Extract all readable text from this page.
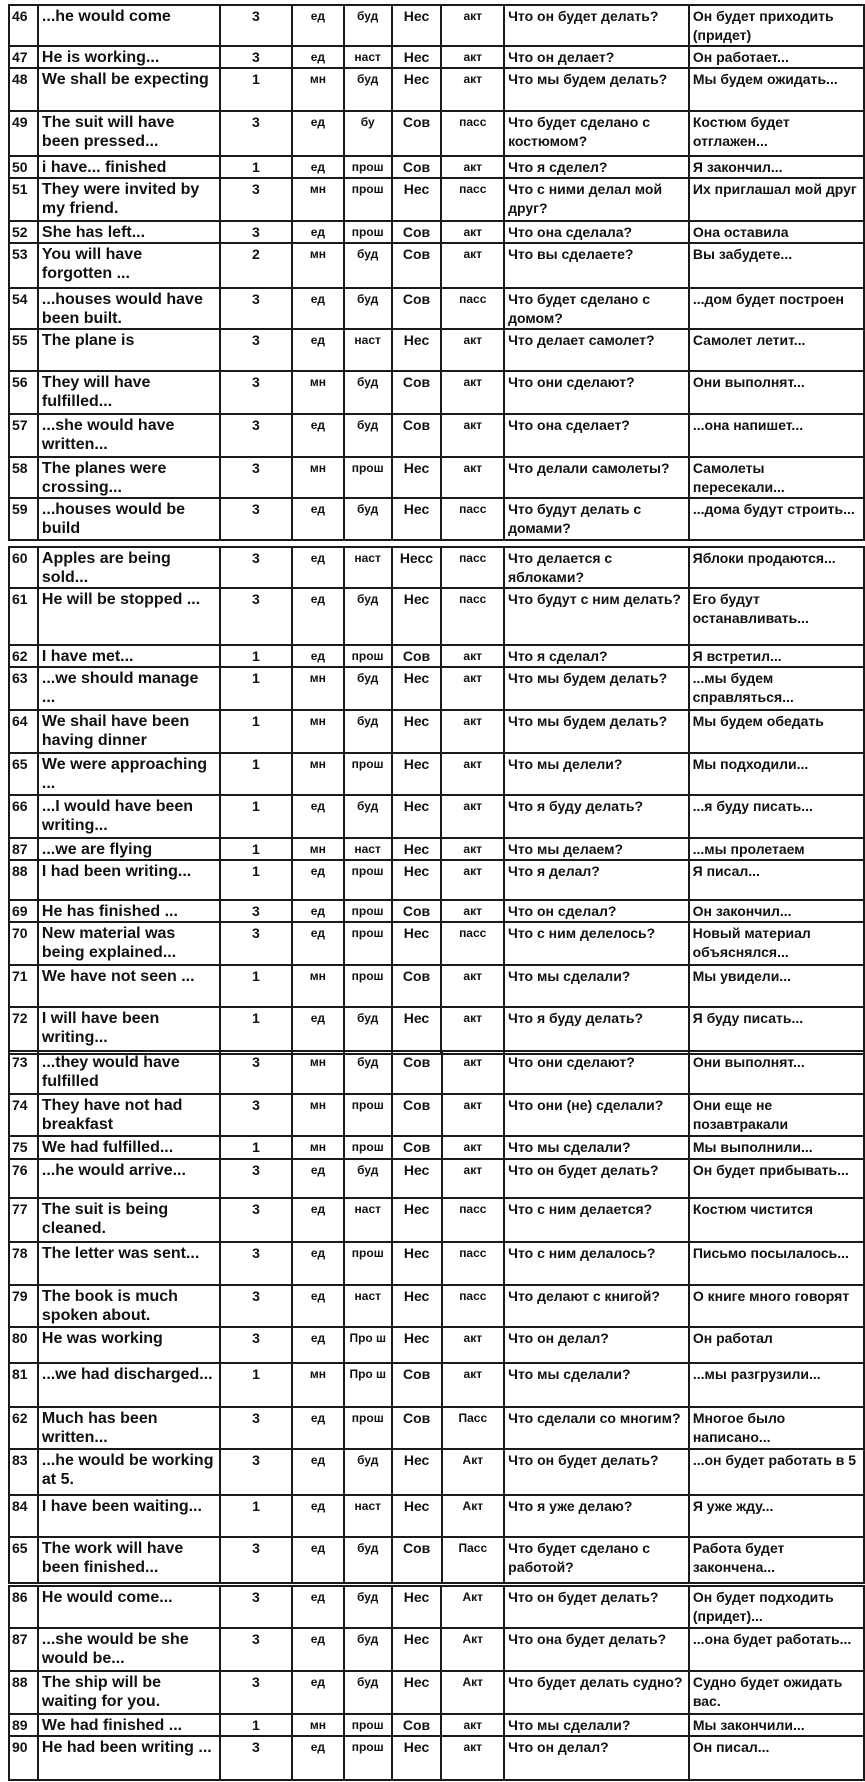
46	...he would come	3	ед	буд	Нес	акт	Что он будет делать?	Он будет приходить (придет)
47	He is working...	3	ед	наст	Нес	акт	Что он делает?	Он работает...
48	We shall be expecting	1	мн	буд	Нес	акт	Что мы будем делать?	Мы будем ожидать...
49	The suit will have been pressed...	3	ед	бу	Сов	пасс	Что будет сделано с костюмом?	Костюм будет отглажен...
50	i have... finished	1	ед	прош	Сов	акт	Что я сделел?	Я закончил...
51	They were invited by my friend.	3	мн	прош	Нес	пасс	Что с ними делал мой друг?	Их приглашал мой друг
52	She has left...	3	ед	прош	Сов	акт	Что она сделала?	Она оставила
53	You will have forgotten ...	2	мн	буд	Сов	акт	Что вы сделаете?	Вы забудете...
54	...houses would have been built.	3	ед	буд	Сов	пасс	Что будет сделано с домом?	...дом будет построен
55	The plane is	3	ед	наст	Нес	акт	Что делает самолет?	Самолет летит...
56	They will have fulfilled...	3	мн	буд	Сов	акт	Что они сделают?	Они выполнят...
57	...she would have written...	3	ед	буд	Сов	акт	Что она сделает?	...она напишет...
58	The planes were crossing...	3	мн	прош	Нес	акт	Что делали самолеты?	Самолеты пересекали...
59	...houses would be build	3	ед	буд	Нес	пасс	Что будут делать с домами?	...дома будут строить...
60	Apples are being sold...	3	ед	наст	Несс	пасс	Что делается с яблоками?	Яблоки продаются...
61	He will be stopped ...	3	ед	буд	Нес	пасс	Что будут с ним делать?	Его будут останавливать...
62	I have met...	1	ед	прош	Сов	акт	Что я сделал?	Я встретил...
63	...we should manage ...	1	мн	буд	Нес	акт	Что мы будем делать?	...мы будем справляться...
64	We shail have been having dinner	1	мн	буд	Нес	акт	Что мы будем делать?	Мы будем обедать
65	We were approaching ...	1	мн	прош	Нес	акт	Что мы делели?	Мы подходили...
66	...I would have been writing...	1	ед	буд	Нес	акт	Что я буду делать?	...я буду писать...
87	...we are flying	1	мн	наст	Нес	акт	Что мы делаем?	...мы пролетаем
88	I had been writing...	1	ед	прош	Нес	акт	Что я делал?	Я писал...
69	He has finished ...	3	ед	прош	Сов	акт	Что он сделал?	Он закончил...
70	New material was being explained...	3	ед	прош	Нес	пасс	Что с ним делелось?	Новый материал объяснялся...
71	We have not seen ...	1	мн	прош	Сов	акт	Что мы сделали?	Мы увидели...
72	I will have been writing...	1	ед	буд	Нес	акт	Что я буду делать?	Я буду писать...
73	...they would have fulfilled	3	мн	буд	Сов	акт	Что они сделают?	Они выполнят...
74	They have not had breakfast	3	мн	прош	Сов	акт	Что они (не) сделали?	Они еще не позавтракали
75	We had fulfilled...	1	мн	прош	Сов	акт	Что мы сделали?	Мы выполнили...
76	...he would arrive...	3	ед	буд	Нес	акт	Что он будет делать?	Он будет прибывать...
77	The suit is being cleaned.	3	ед	наст	Нес	пасс	Что с ним делается?	Костюм чистится
78	The letter was sent...	3	ед	прош	Нес	пасс	Что с ним делалось?	Письмо посылалось...
79	The book is much spoken about.	3	ед	наст	Нес	пасс	Что делают с книгой?	О книге много говорят
80	He was working	3	ед	Про ш	Нес	акт	Что он делал?	Он работал
81	...we had discharged...	1	мн	Про ш	Сов	акт	Что мы сделали?	...мы разгрузили...
62	Much has been written...	3	ед	прош	Сов	Пасс	Что сделали со многим?	Многое было написано...
83	...he would be working at 5.	3	ед	буд	Нес	Акт	Что он будет делать?	...он будет работать в 5
84	I have been waiting...	1	ед	наст	Нес	Акт	Что я уже делаю?	Я уже жду...
65	The work will have been finished...	3	ед	буд	Сов	Пасс	Что будет сделано с работой?	Работа будет закончена...
86	He would come...	3	ед	буд	Нес	Акт	Что он будет делать?	Он будет подходить (придет)...
87	...she would be she would be...	3	ед	буд	Нес	Акт	Что она будет делать?	...она будет работать...
88	The ship will be waiting for you.	3	ед	буд	Нес	Акт	Что будет делать судно?	Судно будет ожидать вас.
89	We had finished ...	1	мн	прош	Сов	акт	Что мы сделали?	Мы закончили...
90	He had been writing ...	3	ед	прош	Нес	акт	Что он делал?	Он писал...
